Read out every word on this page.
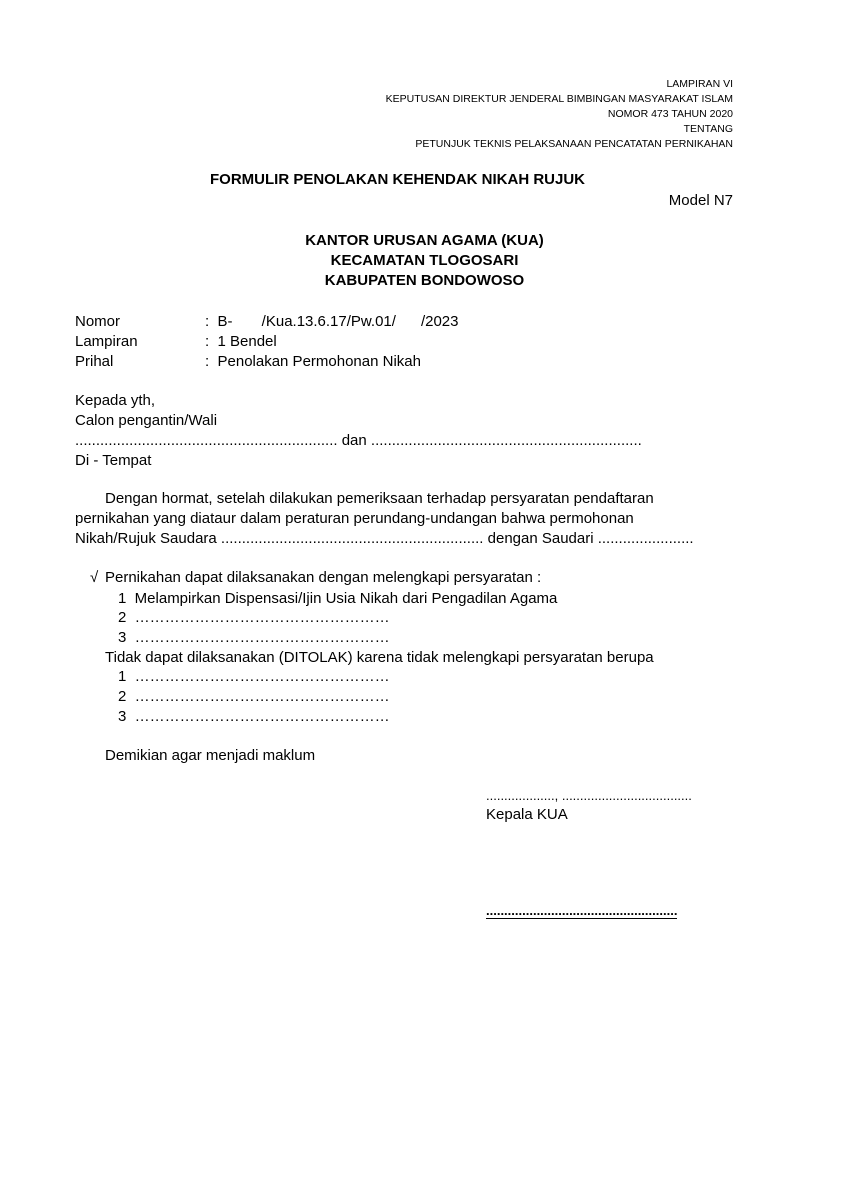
LAMPIRAN VI
KEPUTUSAN DIREKTUR JENDERAL BIMBINGAN MASYARAKAT ISLAM
NOMOR 473 TAHUN 2020
TENTANG
PETUNJUK TEKNIS PELAKSANAAN PENCATATAN PERNIKAHAN
FORMULIR PENOLAKAN KEHENDAK NIKAH RUJUK
Model N7
KANTOR URUSAN AGAMA (KUA)
KECAMATAN TLOGOSARI
KABUPATEN BONDOWOSO
Nomor	:  B-       /Kua.13.6.17/Pw.01/      /2023
Lampiran	:  1 Bendel
Prihal	:  Penolakan Permohonan Nikah
Kepada yth,
Calon pengantin/Wali
............................................................... dan .................................................................
Di - Tempat
Dengan hormat, setelah dilakukan pemeriksaan terhadap persyaratan pendaftaran
pernikahan yang diataur dalam peraturan perundang-undangan bahwa permohonan
Nikah/Rujuk Saudara ............................................................... dengan Saudari .......................
√ Pernikahan dapat dilaksanakan dengan melengkapi persyaratan :
1  Melampirkan Dispensasi/Ijin Usia Nikah dari Pengadilan Agama
2  ……………………………………………
3  ……………………………………………
Tidak dapat dilaksanakan (DITOLAK) karena tidak melengkapi persyaratan berupa
1  ……………………………………………
2  ……………………………………………
3  ……………………………………………
Demikian agar menjadi maklum
..................., ....................................
Kepala KUA
.....................................................
